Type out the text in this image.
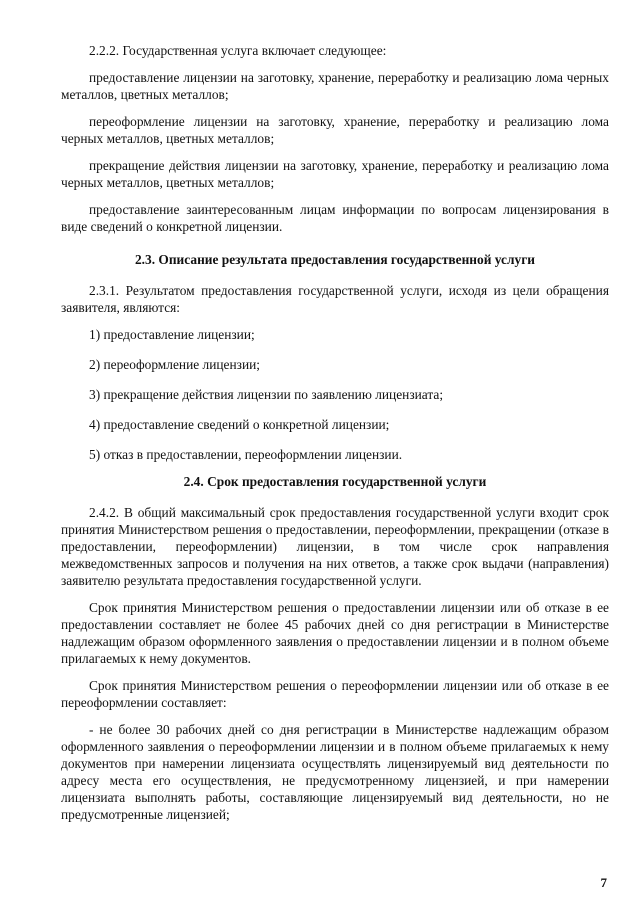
2.2.2. Государственная услуга включает следующее:

предоставление лицензии на заготовку, хранение, переработку и реализацию лома черных металлов, цветных металлов;

переоформление лицензии на заготовку, хранение, переработку и реализацию лома черных металлов, цветных металлов;

прекращение действия лицензии на заготовку, хранение, переработку и реализацию лома черных металлов, цветных металлов;

предоставление заинтересованным лицам информации по вопросам лицензирования в виде сведений о конкретной лицензии.

2.3. Описание результата предоставления государственной услуги

2.3.1. Результатом предоставления государственной услуги, исходя из цели обращения заявителя, являются:

1) предоставление лицензии;

2) переоформление лицензии;

3) прекращение действия лицензии по заявлению лицензиата;

4) предоставление сведений о конкретной лицензии;

5) отказ в предоставлении, переоформлении лицензии.

2.4. Срок предоставления государственной услуги

2.4.2. В общий максимальный срок предоставления государственной услуги входит срок принятия Министерством решения о предоставлении, переоформлении, прекращении (отказе в предоставлении, переоформлении) лицензии, в том числе срок направления межведомственных запросов и получения на них ответов, а также срок выдачи (направления) заявителю результата предоставления государственной услуги.

Срок принятия Министерством решения о предоставлении лицензии или об отказе в ее предоставлении составляет не более 45 рабочих дней со дня регистрации в Министерстве надлежащим образом оформленного заявления о предоставлении лицензии и в полном объеме прилагаемых к нему документов.

Срок принятия Министерством решения о переоформлении лицензии или об отказе в ее переоформлении составляет:

- не более 30 рабочих дней со дня регистрации в Министерстве надлежащим образом оформленного заявления о переоформлении лицензии и в полном объеме прилагаемых к нему документов при намерении лицензиата осуществлять лицензируемый вид деятельности по адресу места его осуществления, не предусмотренному лицензией, и при намерении лицензиата выполнять работы, составляющие лицензируемый вид деятельности, но не предусмотренные лицензией;

7
